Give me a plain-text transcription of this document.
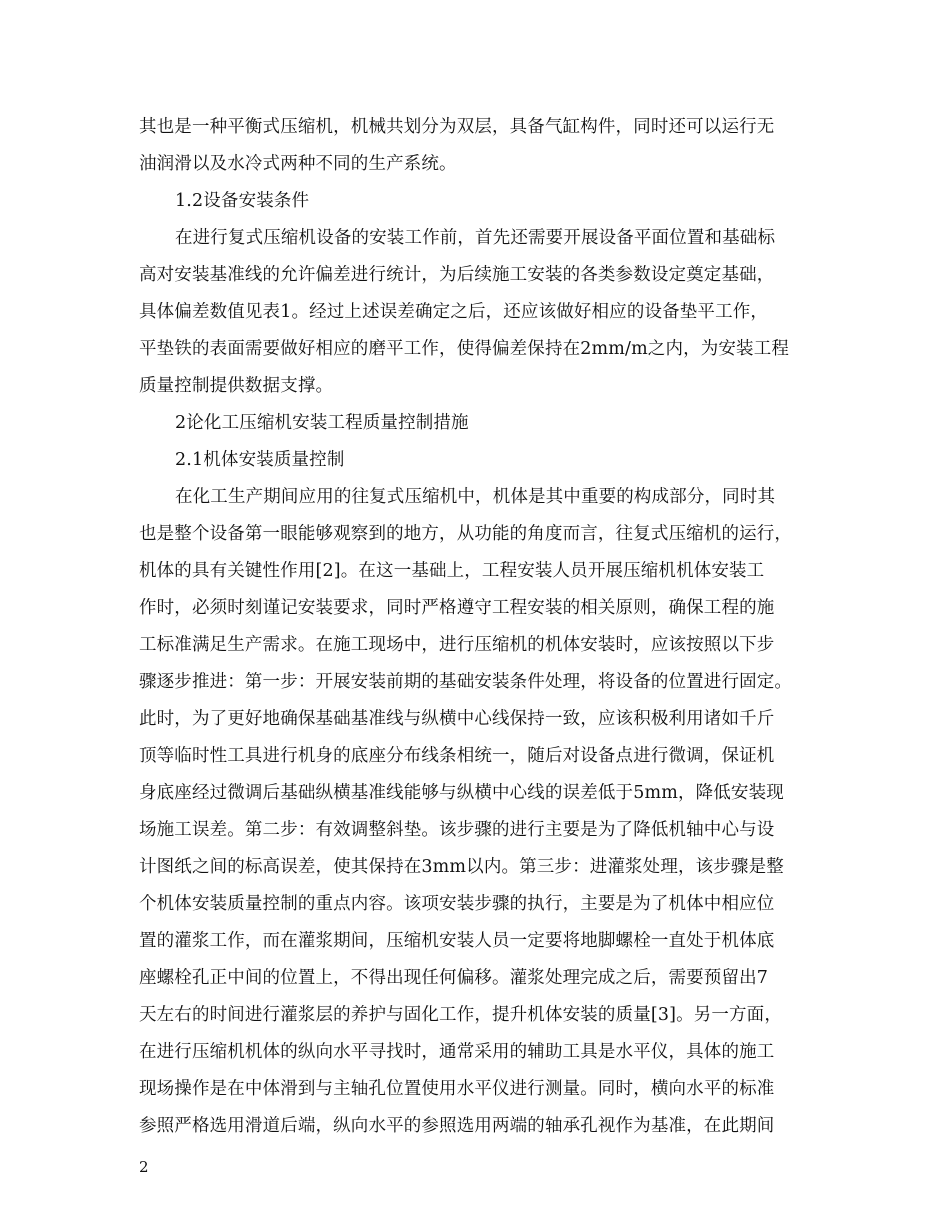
其也是一种平衡式压缩机，机械共划分为双层，具备气缸构件，同时还可以运行无
油润滑以及水冷式两种不同的生产系统。
1.2设备安装条件
在进行复式压缩机设备的安装工作前，首先还需要开展设备平面位置和基础标
高对安装基准线的允许偏差进行统计，为后续施工安装的各类参数设定奠定基础，
具体偏差数值见表1。经过上述误差确定之后，还应该做好相应的设备垫平工作，
平垫铁的表面需要做好相应的磨平工作，使得偏差保持在2mm/m之内，为安装工程
质量控制提供数据支撑。
2论化工压缩机安装工程质量控制措施
2.1机体安装质量控制
在化工生产期间应用的往复式压缩机中，机体是其中重要的构成部分，同时其
也是整个设备第一眼能够观察到的地方，从功能的角度而言，往复式压缩机的运行，
机体的具有关键性作用[2]。在这一基础上，工程安装人员开展压缩机机体安装工
作时，必须时刻谨记安装要求，同时严格遵守工程安装的相关原则，确保工程的施
工标准满足生产需求。在施工现场中，进行压缩机的机体安装时，应该按照以下步
骤逐步推进：第一步：开展安装前期的基础安装条件处理，将设备的位置进行固定。
此时，为了更好地确保基础基准线与纵横中心线保持一致，应该积极利用诸如千斤
顶等临时性工具进行机身的底座分布线条相统一，随后对设备点进行微调，保证机
身底座经过微调后基础纵横基准线能够与纵横中心线的误差低于5mm，降低安装现
场施工误差。第二步：有效调整斜垫。该步骤的进行主要是为了降低机轴中心与设
计图纸之间的标高误差，使其保持在3mm以内。第三步：进灌浆处理，该步骤是整
个机体安装质量控制的重点内容。该项安装步骤的执行，主要是为了机体中相应位
置的灌浆工作，而在灌浆期间，压缩机安装人员一定要将地脚螺栓一直处于机体底
座螺栓孔正中间的位置上，不得出现任何偏移。灌浆处理完成之后，需要预留出7
天左右的时间进行灌浆层的养护与固化工作，提升机体安装的质量[3]。另一方面，
在进行压缩机机体的纵向水平寻找时，通常采用的辅助工具是水平仪，具体的施工
现场操作是在中体滑到与主轴孔位置使用水平仪进行测量。同时，横向水平的标准
参照严格选用滑道后端，纵向水平的参照选用两端的轴承孔视作为基准，在此期间
2
